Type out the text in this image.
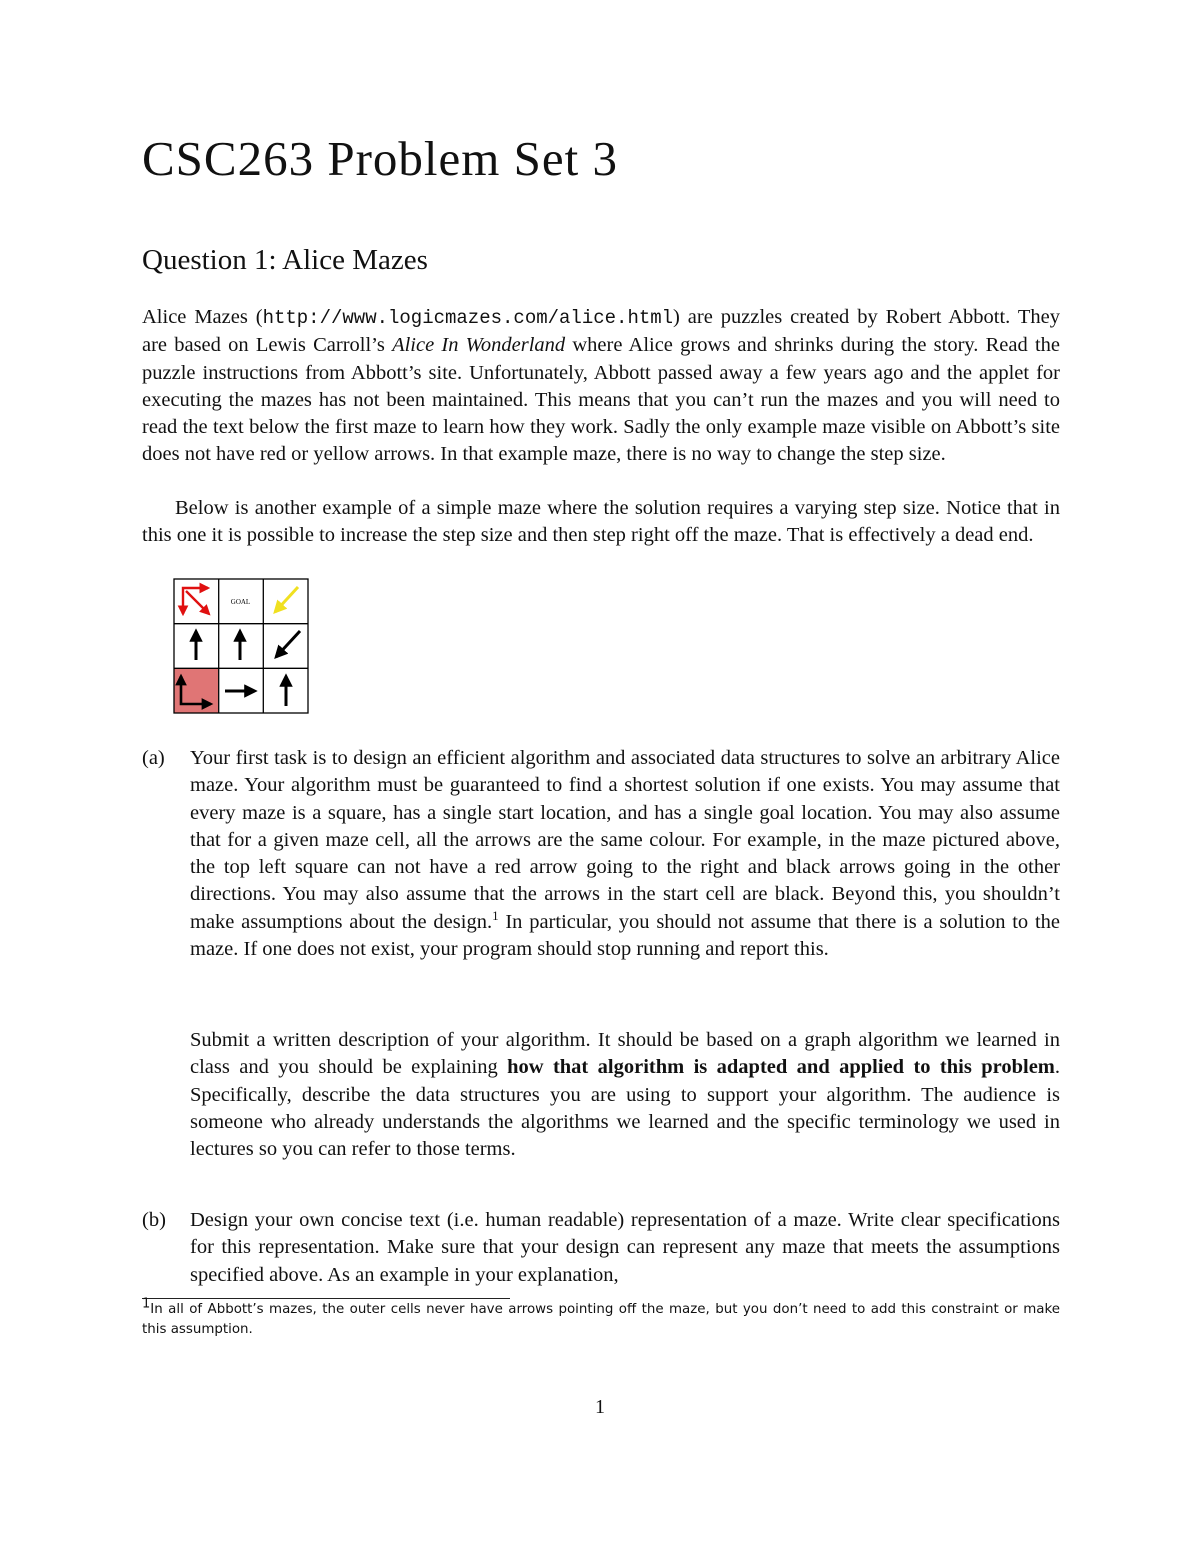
CSC263 Problem Set 3
Question 1: Alice Mazes

Alice Mazes (http://www.logicmazes.com/alice.html) are puzzles created by Robert Abbott. They are based on Lewis Carroll’s Alice In Wonderland where Alice grows and shrinks during the story. Read the puzzle instructions from Abbott’s site. Unfortunately, Abbott passed away a few years ago and the applet for executing the mazes has not been maintained. This means that you can’t run the mazes and you will need to read the text below the first maze to learn how they work. Sadly the only example maze visible on Abbott’s site does not have red or yellow arrows. In that example maze, there is no way to change the step size.

Below is another example of a simple maze where the solution requires a varying step size. Notice that in this one it is possible to increase the step size and then step right off the maze. That is effectively a dead end.

GOAL
(a)	Your first task is to design an efficient algorithm and associated data structures to solve an arbitrary Alice maze. Your algorithm must be guaranteed to find a shortest solution if one exists. You may assume that every maze is a square, has a single start location, and has a single goal location. You may also assume that for a given maze cell, all the arrows are the same colour. For example, in the maze pictured above, the top left square can not have a red arrow going to the right and black arrows going in the other directions. You may also assume that the arrows in the start cell are black. Beyond this, you shouldn’t make assumptions about the design.$^1$ In particular, you should not assume that there is a solution to the maze. If one does not exist, your program should stop running and report this.

Submit a written description of your algorithm. It should be based on a graph algorithm we learned in class and you should be explaining how that algorithm is adapted and applied to this problem. Specifically, describe the data structures you are using to support your algorithm. The audience is someone who already understands the algorithms we learned and the specific terminology we used in lectures so you can refer to those terms.

(b)	Design your own concise text (i.e. human readable) representation of a maze. Write clear specifications for this representation. Make sure that your design can represent any maze that meets the assumptions specified above. As an example in your explanation,

$^1$In all of Abbott’s mazes, the outer cells never have arrows pointing off the maze, but you don’t need to add this constraint or make this assumption.

1
